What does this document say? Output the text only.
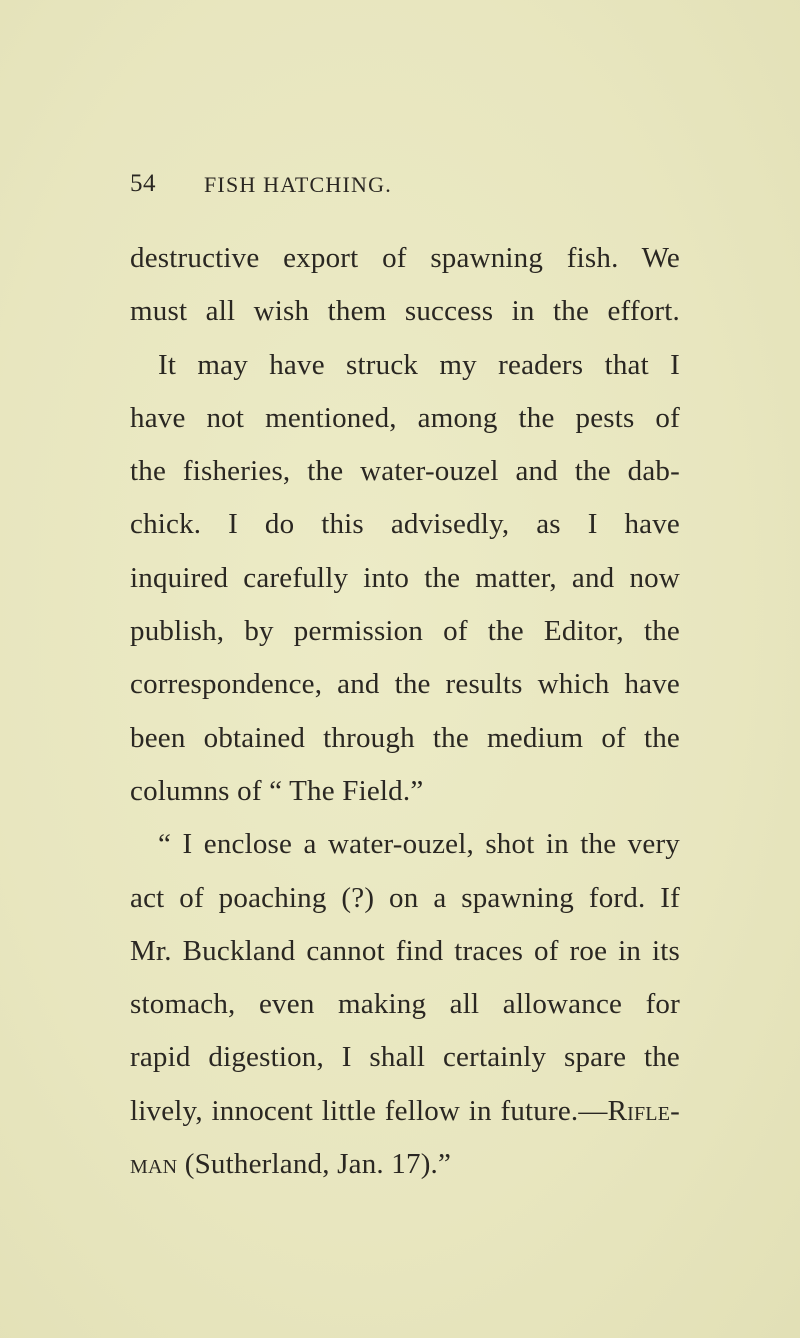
54 FISH HATCHING.
destructive export of spawning fish. We
must all wish them success in the effort.
It may have struck my readers that I
have not mentioned, among the pests of
the fisheries, the water-ouzel and the dab-
chick. I do this advisedly, as I have
inquired carefully into the matter, and now
publish, by permission of the Editor, the
correspondence, and the results which have
been obtained through the medium of the
columns of “ The Field.”
“ I enclose a water-ouzel, shot in the very
act of poaching (?) on a spawning ford. If
Mr. Buckland cannot find traces of roe in its
stomach, even making all allowance for
rapid digestion, I shall certainly spare the
lively, innocent little fellow in future.—Rifle-
man (Sutherland, Jan. 17).”
